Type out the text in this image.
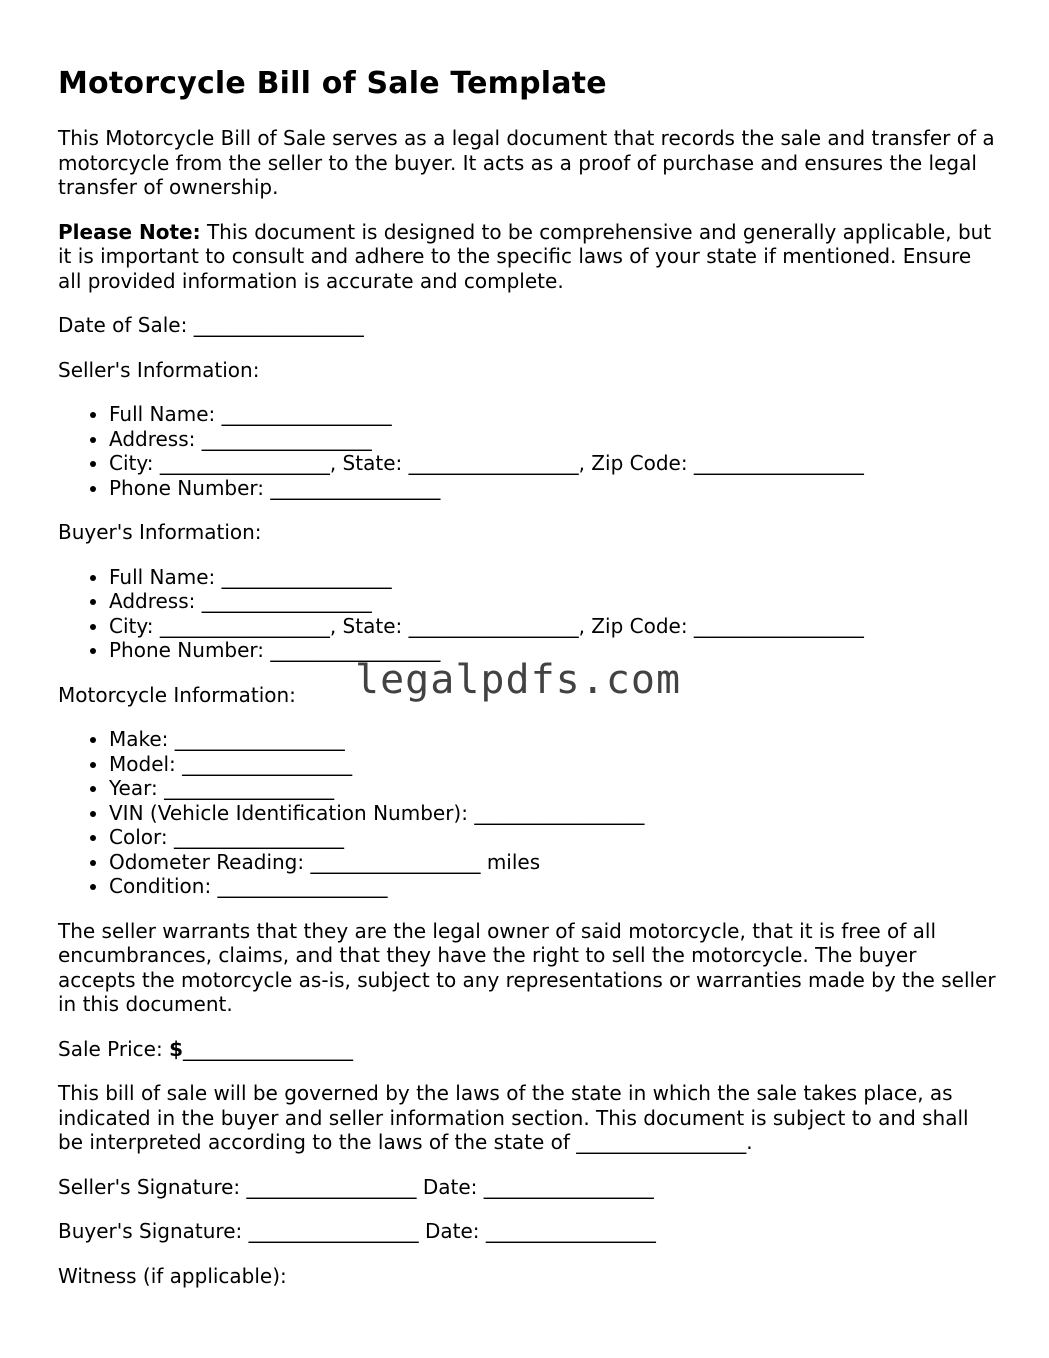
Motorcycle Bill of Sale Template

This Motorcycle Bill of Sale serves as a legal document that records the sale and transfer of a motorcycle from the seller to the buyer. It acts as a proof of purchase and ensures the legal transfer of ownership.

Please Note: This document is designed to be comprehensive and generally applicable, but it is important to consult and adhere to the specific laws of your state if mentioned. Ensure all provided information is accurate and complete.

Date of Sale: _________________

Seller's Information:

• Full Name: _________________
• Address: _________________
• City: _________________, State: _________________, Zip Code: _________________
• Phone Number: _________________

Buyer's Information:

• Full Name: _________________
• Address: _________________
• City: _________________, State: _________________, Zip Code: _________________
• Phone Number: _________________

Motorcycle Information:

• Make: _________________
• Model: _________________
• Year: _________________
• VIN (Vehicle Identification Number): _________________
• Color: _________________
• Odometer Reading: _________________ miles
• Condition: _________________

The seller warrants that they are the legal owner of said motorcycle, that it is free of all encumbrances, claims, and that they have the right to sell the motorcycle. The buyer accepts the motorcycle as-is, subject to any representations or warranties made by the seller in this document.

Sale Price: $_________________

This bill of sale will be governed by the laws of the state in which the sale takes place, as indicated in the buyer and seller information section. This document is subject to and shall be interpreted according to the laws of the state of _________________.

Seller's Signature: _________________ Date: _________________

Buyer's Signature: _________________ Date: _________________

Witness (if applicable):

legalpdfs.com
